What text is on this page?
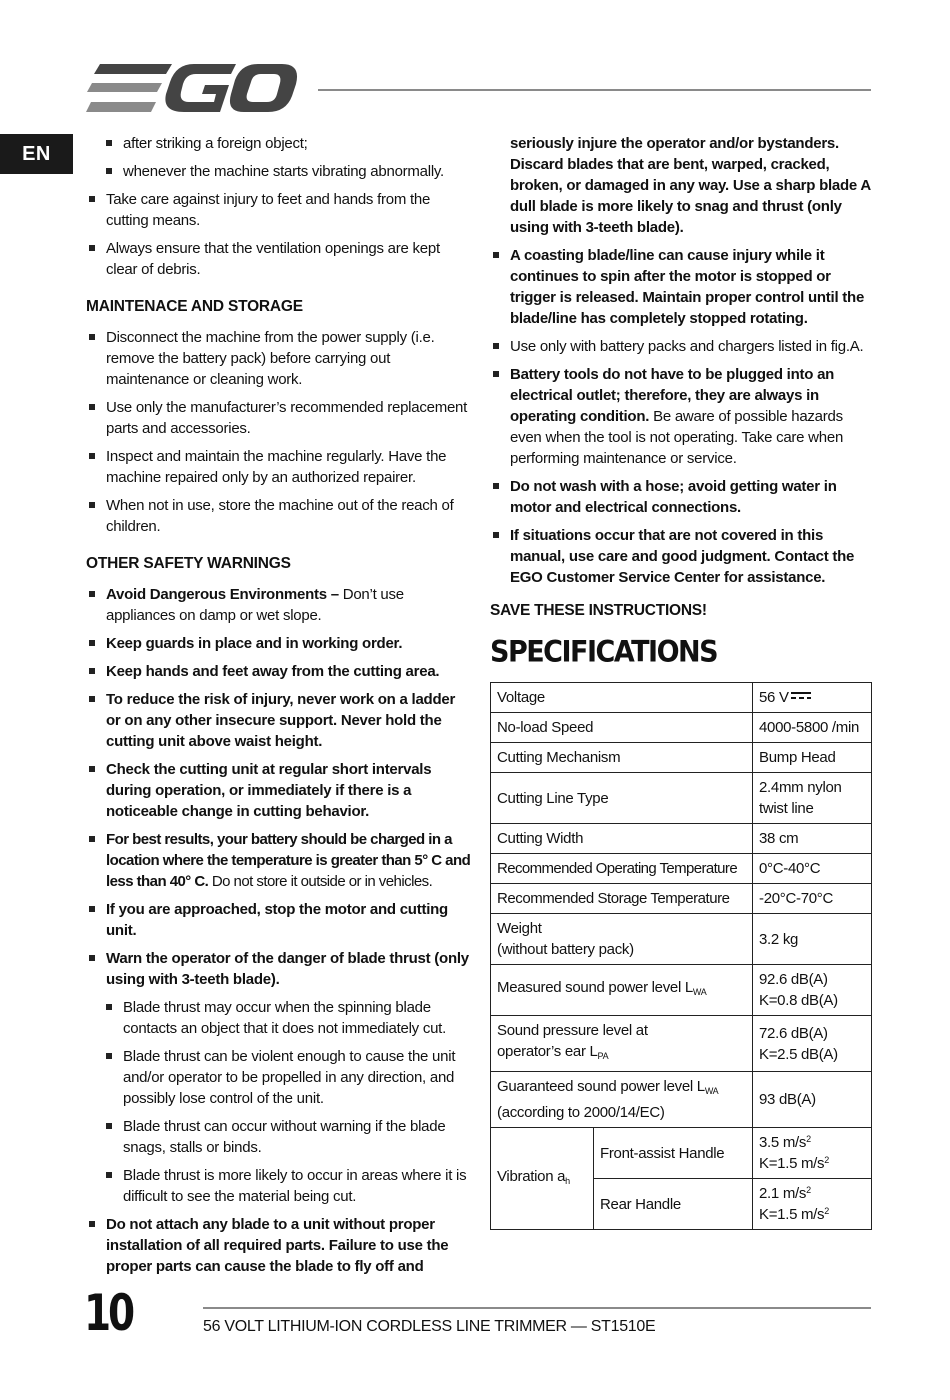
EN	after striking a foreign object;
whenever the machine starts vibrating abnormally.
Take care against injury to feet and hands from the cutting means.
Always ensure that the ventilation openings are kept clear of debris.
MAINTENACE AND STORAGE
Disconnect the machine from the power supply (i.e. remove the battery pack) before carrying out maintenance or cleaning work.
Use only the manufacturer’s recommended replacement parts and accessories.
Inspect and maintain the machine regularly. Have the machine repaired only by an authorized repairer.
When not in use, store the machine out of the reach of children.
OTHER SAFETY WARNINGS
Avoid Dangerous Environments – Don’t use appliances on damp or wet slope.
Keep guards in place and in working order.
Keep hands and feet away from the cutting area.
To reduce the risk of injury, never work on a ladder or on any other insecure support. Never hold the cutting unit above waist height.
Check the cutting unit at regular short intervals during operation, or immediately if there is a noticeable change in cutting behavior.
For best results, your battery should be charged in a location where the temperature is greater than 5° C and less than 40° C. Do not store it outside or in vehicles.
If you are approached, stop the motor and cutting unit.
Warn the operator of the danger of blade thrust (only using with 3-teeth blade).
Blade thrust may occur when the spinning blade contacts an object that it does not immediately cut.
Blade thrust can be violent enough to cause the unit and/or operator to be propelled in any direction, and possibly lose control of the unit.
Blade thrust can occur without warning if the blade snags, stalls or binds.
Blade thrust is more likely to occur in areas where it is difficult to see the material being cut.
Do not attach any blade to a unit without proper installation of all required parts. Failure to use the proper parts can cause the blade to fly off and
seriously injure the operator and/or bystanders. Discard blades that are bent, warped, cracked, broken, or damaged in any way. Use a sharp blade A dull blade is more likely to snag and thrust (only using with 3-teeth blade).
A coasting blade/line can cause injury while it continues to spin after the motor is stopped or trigger is released. Maintain proper control until the blade/line has completely stopped rotating.
Use only with battery packs and chargers listed in fig.A.
Battery tools do not have to be plugged into an electrical outlet; therefore, they are always in operating condition. Be aware of possible hazards even when the tool is not operating. Take care when performing maintenance or service.
Do not wash with a hose; avoid getting water in motor and electrical connections.
If situations occur that are not covered in this manual, use care and good judgment. Contact the EGO Customer Service Center for assistance.
SAVE THESE INSTRUCTIONS!
SPECIFICATIONS
Voltage		56 V
No-load Speed		4000-5800 /min
Cutting Mechanism		Bump Head
Cutting Line Type		2.4mm nylon
twist line
Cutting Width		38 cm
Recommended Operating Temperature		0°C-40°C
Recommended Storage Temperature		-20°C-70°C
Weight
(without battery pack)		3.2 kg
Measured sound power level $L_{WA}$		92.6 dB(A)
K=0.8 dB(A)
Sound pressure level at
operator’s ear $L_{PA}$		72.6 dB(A)
K=2.5 dB(A)
Guaranteed sound power level $L_{WA}$
(according to 2000/14/EC)		93 dB(A)
Vibration $a_h$	Front-assist Handle	3.5 $m/s^2$
K=1.5 $m/s^2$
	Rear Handle	2.1 $m/s^2$
K=1.5 $m/s^2$
10	56 VOLT LITHIUM-ION CORDLESS LINE TRIMMER — ST1510E
